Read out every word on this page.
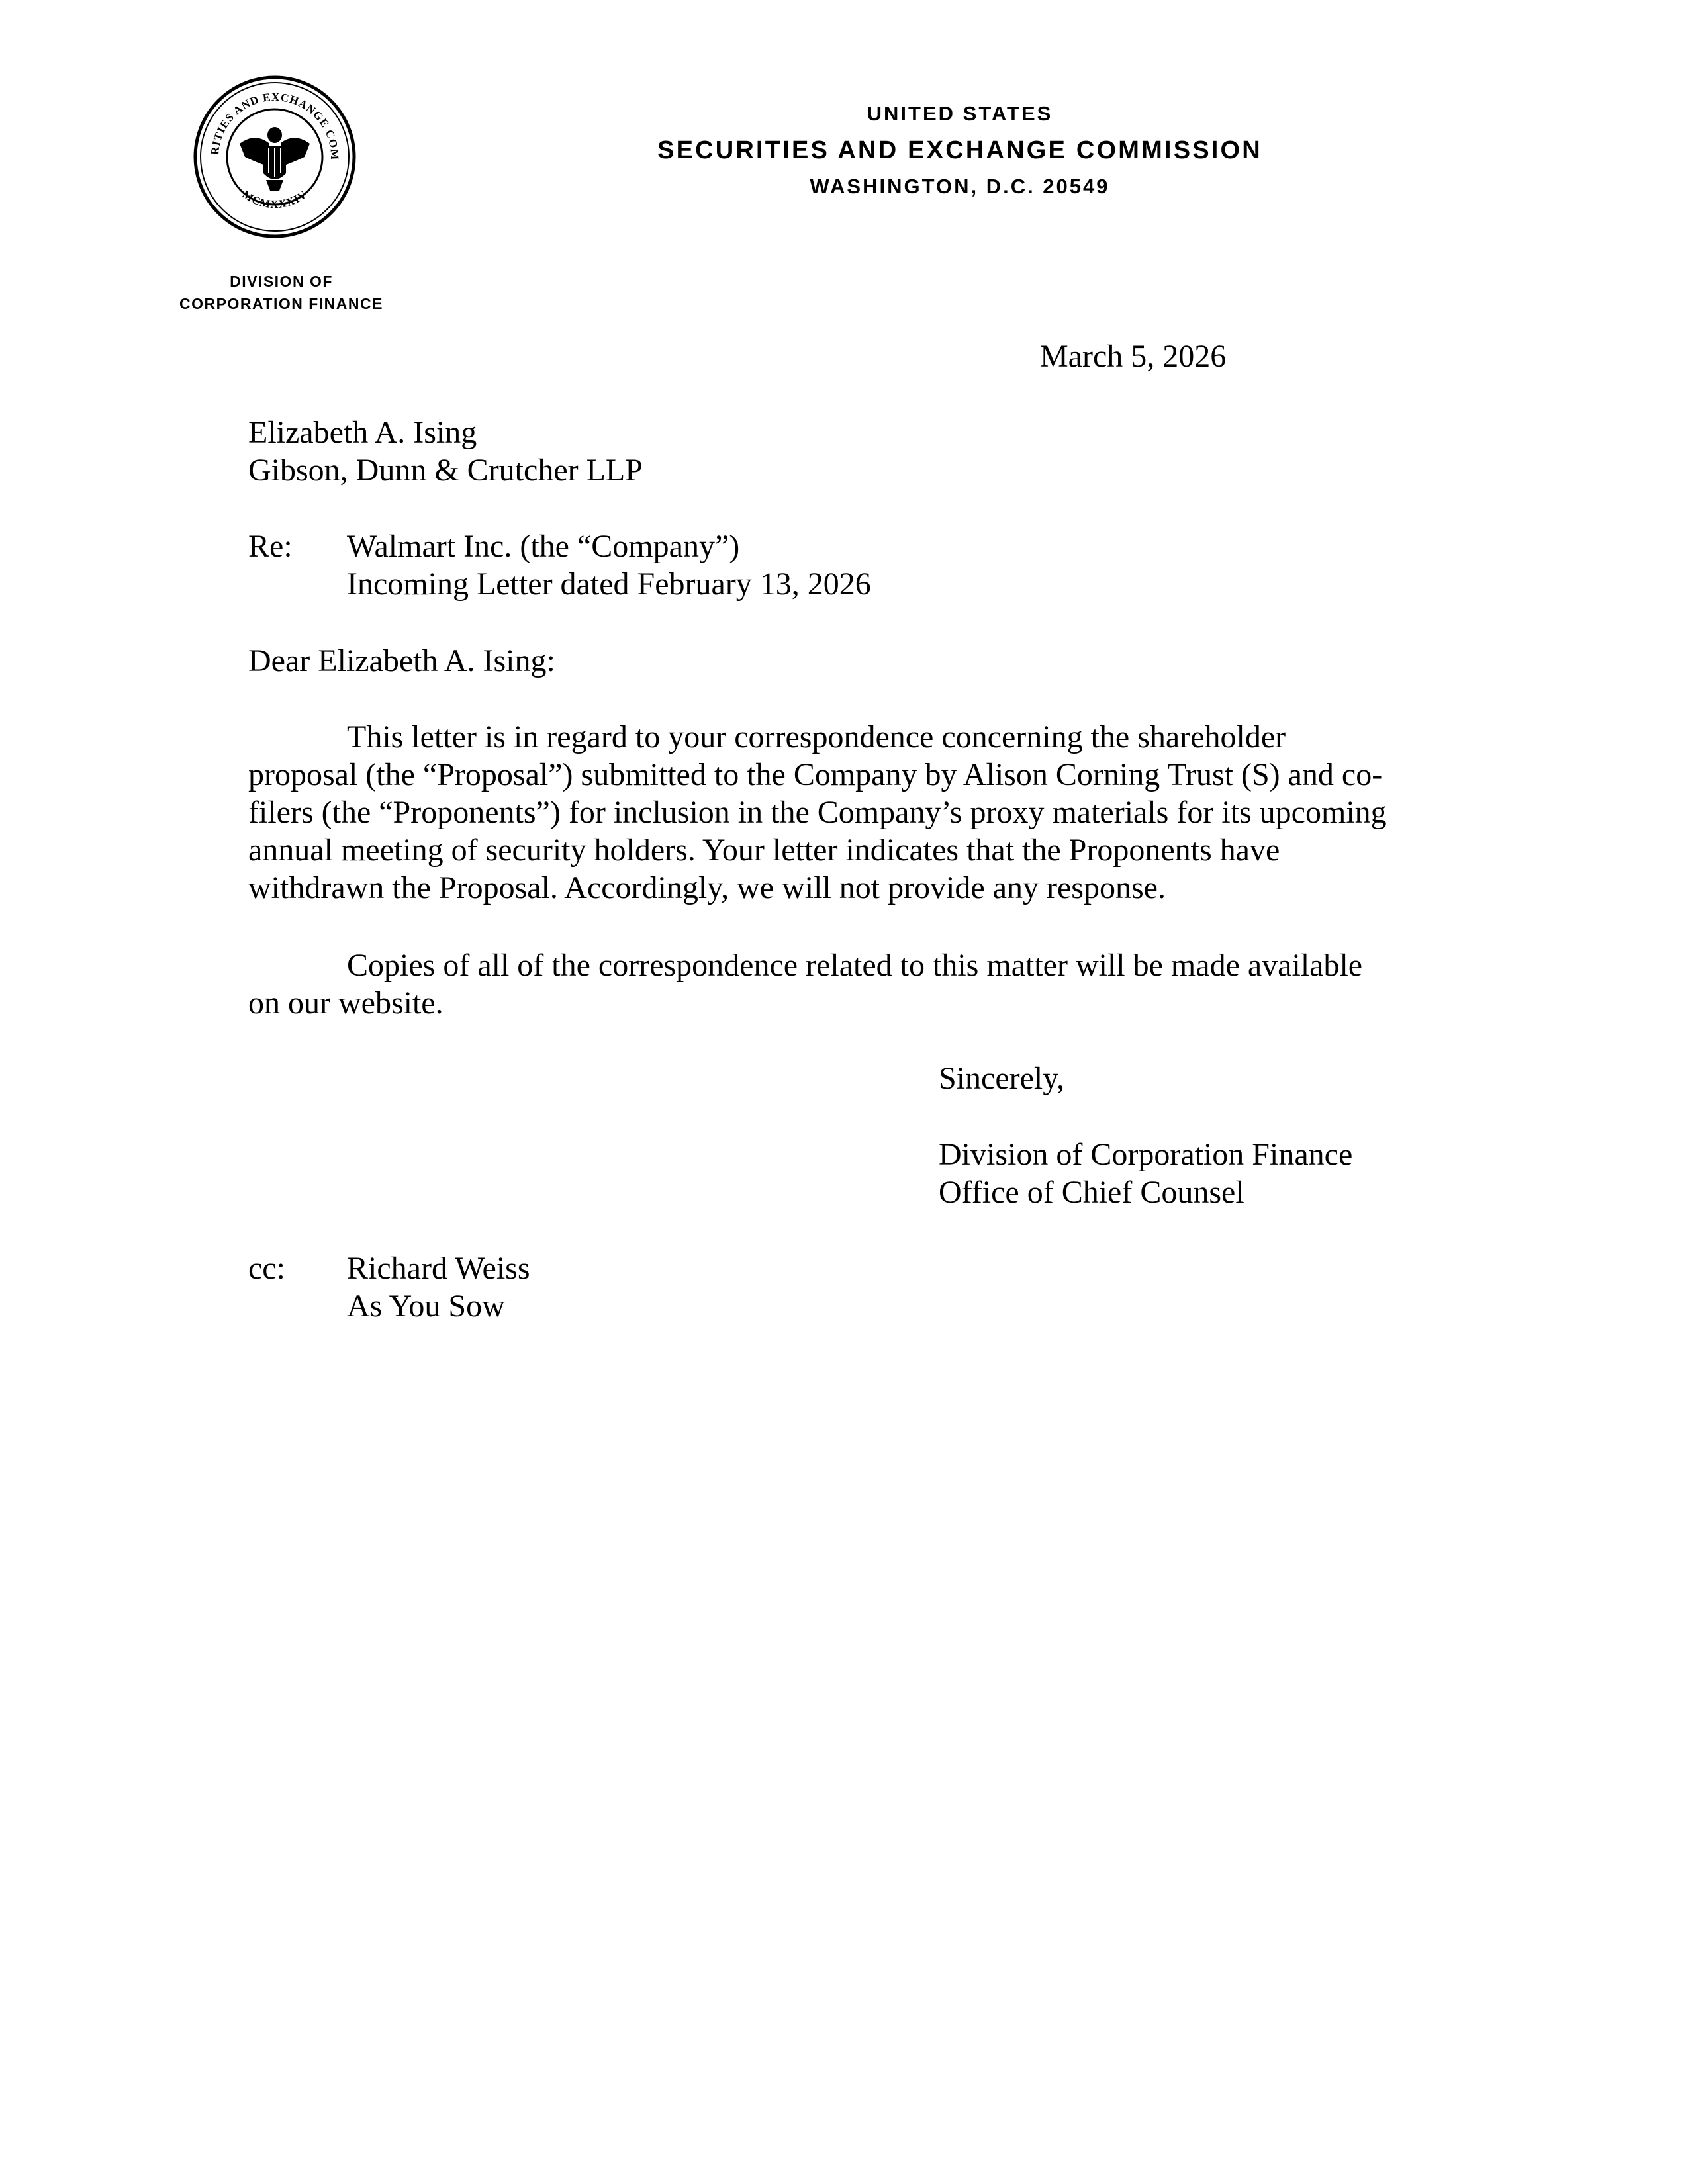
RITIES AND EXCHANGE COM
MCMXXXIV
DIVISION OF
CORPORATION FINANCE
UNITED STATES
SECURITIES AND EXCHANGE COMMISSION
WASHINGTON, D.C. 20549
March 5, 2026
Elizabeth A. Ising
Gibson, Dunn & Crutcher LLP
Re: Walmart Inc. (the “Company”)
Incoming Letter dated February 13, 2026
Dear Elizabeth A. Ising:
This letter is in regard to your correspondence concerning the shareholder
proposal (the “Proposal”) submitted to the Company by Alison Corning Trust (S) and co-
filers (the “Proponents”) for inclusion in the Company’s proxy materials for its upcoming
annual meeting of security holders. Your letter indicates that the Proponents have
withdrawn the Proposal. Accordingly, we will not provide any response.
Copies of all of the correspondence related to this matter will be made available
on our website.
Sincerely,
Division of Corporation Finance
Office of Chief Counsel
cc: Richard Weiss
As You Sow
